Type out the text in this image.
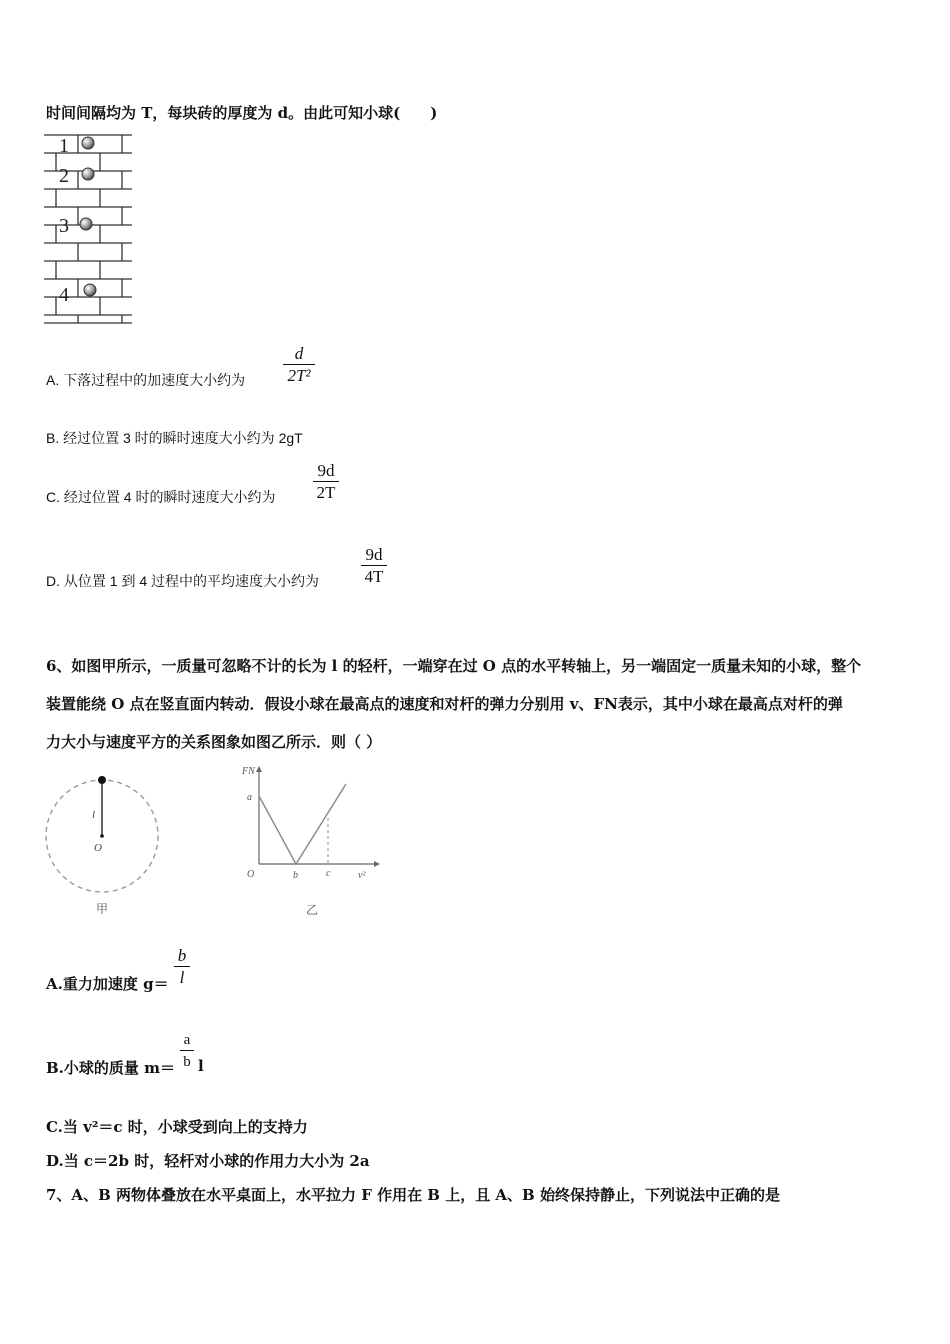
时间间隔均为 T，每块砖的厚度为 d。由此可知小球(　　)
1
2
3
4
A. 下落过程中的加速度大小约为
d
2T²
B. 经过位置 3 时的瞬时速度大小约为 2gT
C. 经过位置 4 时的瞬时速度大小约为
9d
2T
D. 从位置 1 到 4 过程中的平均速度大小约为
9d
4T
6、如图甲所示，一质量可忽略不计的长为 l 的轻杆，一端穿在过 O 点的水平转轴上，另一端固定一质量未知的小球，整个
装置能绕 O 点在竖直面内转动．假设小球在最高点的速度和对杆的弹力分别用 v、FN表示，其中小球在最高点对杆的弹
力大小与速度平方的关系图象如图乙所示．则（ ）
l
O
甲
FN
a
O	b	c	v²
乙
A.重力加速度 g＝
b
l
B.小球的质量 m＝
a
b l
C.当 v²＝c 时，小球受到向上的支持力
D.当 c＝2b 时，轻杆对小球的作用力大小为 2a
7、A、B 两物体叠放在水平桌面上，水平拉力 F 作用在 B 上，且 A、B 始终保持静止，下列说法中正确的是
